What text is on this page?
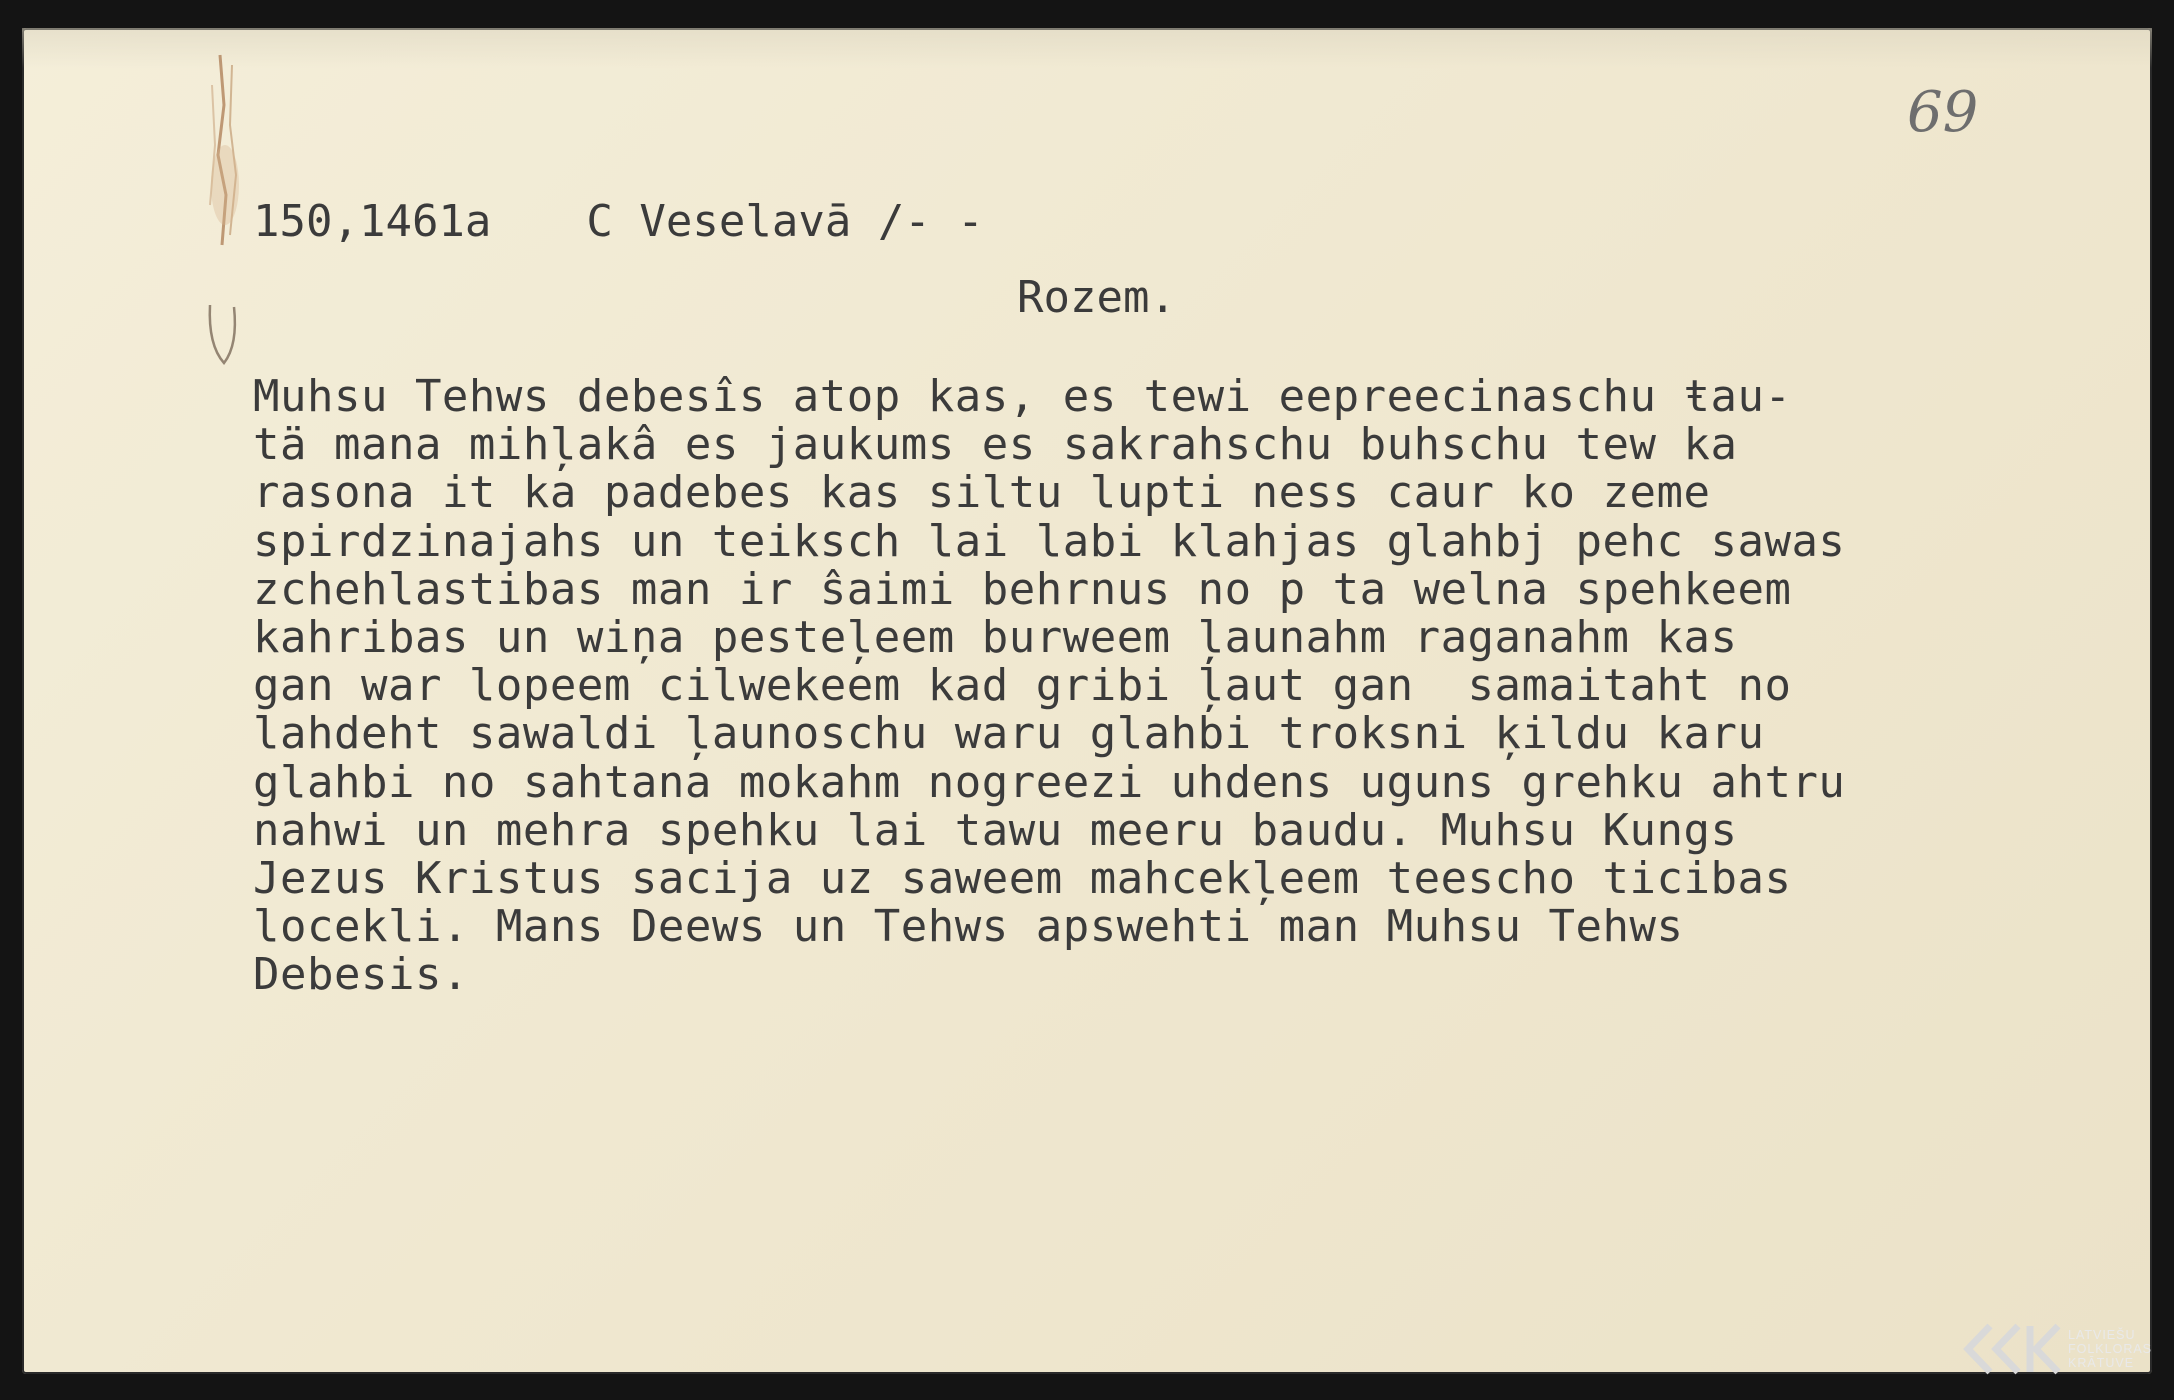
69
150,1461a C Veselavā /- -
Rozem.
Muhsu Tehws debesîs atop kas, es tewi eepreecinaschu ŧau-
tä mana mihļakâ es jaukums es sakrahschu buhschu tew ka
rasona it ka padebes kas siltu lupti ness caur ko zeme
spirdzinajahs un teiksch lai labi klahjas glahbj pehc sawas
zchehlastibas man ir ŝaimi behrnus no p ta welna spehkeem
kahribas un wiņa pesteļeem burweem ļaunahm raganahm kas
gan war lopeem cilwekeem kad gribi ļaut gan  samaitaht no
lahdeht sawaldi ļaunoschu waru glahbi troksni ķildu karu
glahbi no sahtana mokahm nogreezi uhdens uguns grehku ahtru
nahwi un mehra spehku lai tawu meeru baudu. Muhsu Kungs
Jezus Kristus sacija uz saweem mahcekļeem teescho ticibas
locekli. Mans Deews un Tehws apswehti man Muhsu Tehws
Debesis.
LATVIEŠU
FOLKLORAS
KRĀTUVE
